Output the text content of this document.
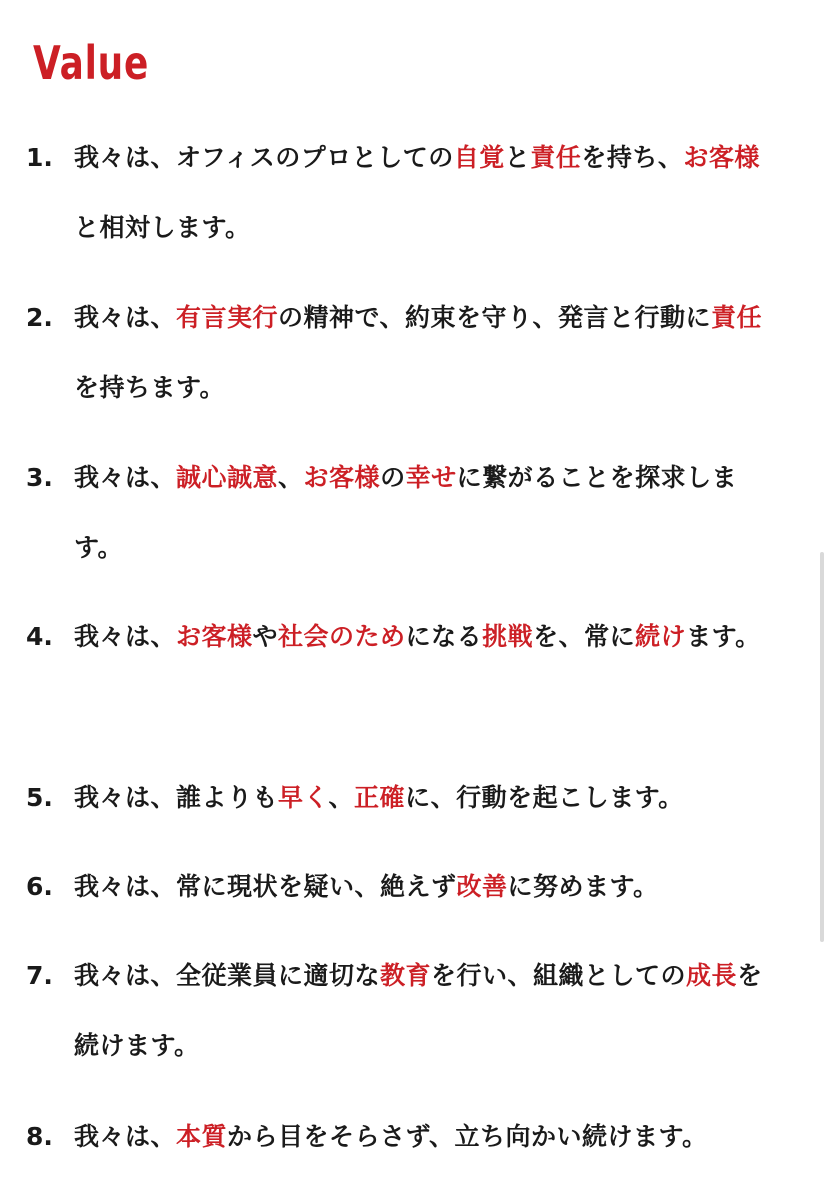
Value
1. 我々は、オフィスのプロとしての自覚と責任を持ち、お客様と相対します。
2. 我々は、有言実行の精神で、約束を守り、発言と行動に責任を持ちます。
3. 我々は、誠心誠意、お客様の幸せに繋がることを探求します。
4. 我々は、お客様や社会のためになる挑戦を、常に続けます。
5. 我々は、誰よりも早く、正確に、行動を起こします。
6. 我々は、常に現状を疑い、絶えず改善に努めます。
7. 我々は、全従業員に適切な教育を行い、組織としての成長を続けます。
8. 我々は、本質から目をそらさず、立ち向かい続けます。
